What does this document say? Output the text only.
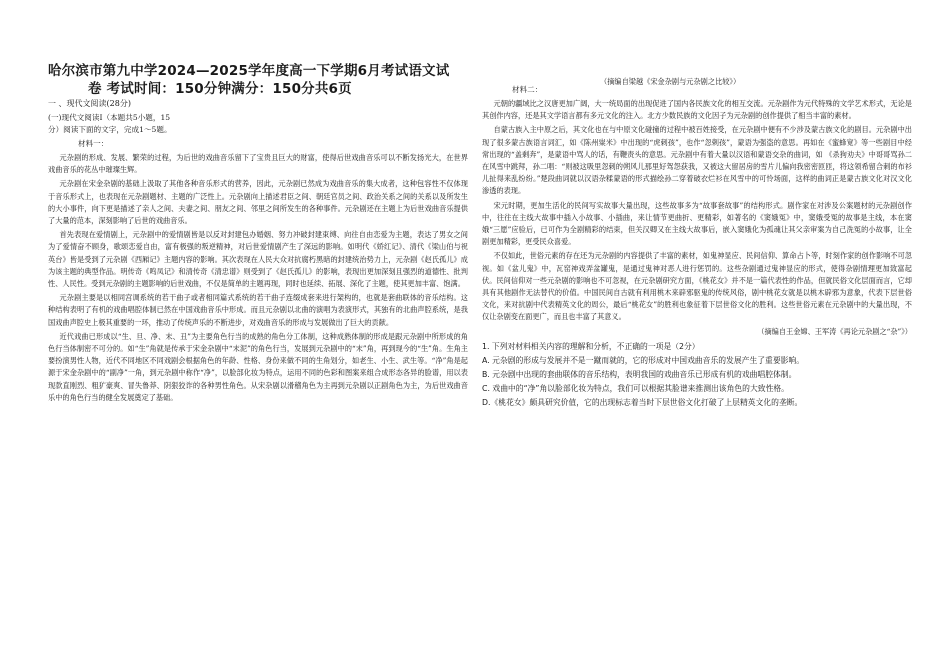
哈尔滨市第九中学2024—2025学年度高一下学期6月考试语文试

卷 考试时间：150分钟满分：150分共6页

一 、现代文阅读(28分)

(一)现代文阅读I（本题共5小题，15

分）阅读下面的文字，完成1～5题。

材料一：

元杂剧的形成、发展、繁荣的过程，为后世的戏曲音乐留下了宝贵且巨大的财富，使得后世戏曲音乐可以不断发扬光大，在世界戏曲音乐的花丛中璀璨生辉。

元杂剧在宋金杂剧的基础上汲取了其他各种音乐形式的营养，因此，元杂剧已然成为戏曲音乐的集大成者，这种包容性不仅体现于音乐形式上，也表现在元杂剧题材、主题的广泛性上。元杂剧向上描述君臣之间、朝廷官员之间、政治关系之间的关系以及所发生的大小事件，向下更是描述了亲人之间、夫妻之间、朋友之间、邻里之间所发生的各种事件。元杂剧还在主题上为后世戏曲音乐提供了大量的范本，深刻影响了后世的戏曲音乐。

首先表现在爱情剧上，元杂剧中的爱情剧皆是以反对封建包办婚姻、努力冲破封建束缚、向往自由恋爱为主题，表达了男女之间为了爱情奋不顾身，歌颂恋爱自由，富有极强的叛逆精神，对后世爱情剧产生了深远的影响。如明代《娇红记》、清代《梁山伯与祝英台》皆是受到了元杂剧《西厢记》主题内容的影响。其次表现在人民大众对抗腐朽黑暗的封建统治势力上，元杂剧《赵氏孤儿》成为该主题的典型作品。明传奇《鸣凤记》和清传奇《清忠谱》则受到了《赵氏孤儿》的影响，表现出更加深刻且强烈的道德性、批判性、人民性。受到元杂剧的主题影响的后世戏曲，不仅是简单的主题再现，同时也延续、拓展、深化了主题，使其更加丰富、饱满。

元杂剧主要是以相同宫调系统的若干曲子或者相同篇式系统的若干曲子连缀成套来进行架构的，也就是套曲联体的音乐结构。这种结构表明了有机的戏曲唱腔体制已然在中国戏曲音乐中形成。而且元杂剧以北曲的演唱为表演形式，其独有的北曲声腔系统，是我国戏曲声腔史上极其重要的一环，推动了传统声乐的不断进步，对戏曲音乐的形成与发展做出了巨大的贡献。

近代戏曲已形成以“生、旦、净、末、丑”为主要角色行当的成熟的角色分工体制，这种成熟体制的形成是跟元杂剧中所形成的角色行当体制密不可分的。如“生”角就是传承于宋金杂剧中“末泥”的角色行当，发展到元杂剧中的“末”角，再到现今的“生”角。生角主要扮演男性人物，近代不同地区不同戏剧会根据角色的年龄、性格、身份来做不同的生角划分，如老生、小生、武生等。“净”角是起源于宋金杂剧中的“副净”一角，到元杂剧中称作“净”，以脸部化妆为特点，运用不同的色彩和图案来组合成形态各异的脸谱，用以表现款直刚烈、粗犷豪爽、冒失鲁莽、阴狠狡诈的各种男性角色。从宋杂剧以滑稽角色为主再到元杂剧以正剧角色为主，为后世戏曲音乐中的角色行当的健全发展奠定了基础。

（摘编自梁越《宋金杂剧与元杂剧之比较》）

材料二：

元朝的疆域比之汉唐更加广阔，大一统局面的出现促进了国内各民族文化的相互交流。元杂剧作为元代特殊的文学艺术形式，无论是其创作内容，还是其文学语言都有多元文化的注入。北方少数民族的文化因子为元杂剧的创作提供了相当丰富的素材。

自蒙古族入主中原之后，其文化也在与中原文化碰撞的过程中被百姓接受，在元杂剧中便有不少涉及蒙古族文化的剧目。元杂剧中出现了很多蒙古族语言词汇，如《陈州粜米》中出现的“虎刺孩”，也作“忽剌孩”，蒙语为强盗的意思。再如在《蜜蜂宽》等一些剧目中经常出现的“盖剩奔”，是蒙语中骂人的话，有鞭责头的意思。元杂剧中有着大量以汉语和蒙语交杂的曲词，如 《杀狗劝夫》中哥哥骂孙二在风雪中跳拜，孙二唱：“则被这吸里忽刺的朔风儿那里好驾怨获我，又被这大留居房的雪片儿偏向我密密匝匝，将这领希留合刺的布衫儿扯得来乱纷纷。”楚段曲词就以汉语杂糅蒙语的形式描绘孙二穿着破衣烂衫在风雪中的可怜场面，这样的曲词正是蒙古族文化对汉文化渗透的表现。

宋元时期，更加生活化的民间写实故事大量出现，这些故事多为“故事套故事”的结构形式。剧作家在对涉及公案题材的元杂剧创作中，往往在主线大故事中插入小故事、小插曲，来让情节更曲折、更精彩，如著名的《窦娥冤》中，窦娥受冤的故事是主线，本在窦娥“三愿”应验后，已可作为全剧精彩的结束，但关汉卿又在主线大故事后，嵌入窦娥化为孤魂让其父亲审案为自己洗冤的小故事，让全剧更加精彩，更受民众喜爱。

不仅如此，世俗元素的存在还为元杂剧的内容提供了丰富的素材，如鬼神显应、民间信仰、算命占卜等，时刻作家的创作影响不可忽视。如《盆儿鬼》中，瓦窑神戏弄盆罐鬼，是通过鬼神对恶人进行惩罚的。这些杂剧通过鬼神显应的形式，使得杂剧情理更加致富起伏。民间信仰对一些元杂剧的影响也不可忽视，在元杂剧研究方面，《桃花女》并不是一篇代表性的作品，但就民俗文化层面而言，它却具有其他剧作无法替代的价值。中国民间自古就有利用桃木来辟邪驱鬼的传统风俗，剧中桃花女就是以桃木辟邪为意象，代表下层世俗文化，来对抗剧中代表精英文化的周公，最后“桃花女”的胜利也象征着下层世俗文化的胜利。这些世俗元素在元杂剧中的大量出现，不仅让杂剧变在面更广，而且也丰富了其意义。

（摘编自王金嫦、王军涛《再论元杂剧之“杂”》）

1. 下列对材料相关内容的理解和分析，不正确的一项是（2分）

A. 元杂剧的形成与发展并不是一蹴而就的，它的形成对中国戏曲音乐的发展产生了重要影响。

B. 元杂剧中出现的套曲联体的音乐结构，表明我国的戏曲音乐已形成有机的戏曲唱腔体制。

C. 戏曲中的“净”角以脸部化妆为特点，我们可以根据其脸谱来推测出该角色的大致性格。

D.《桃花女》颇具研究价值，它的出现标志着当时下层世俗文化打破了上层精英文化的垄断。
